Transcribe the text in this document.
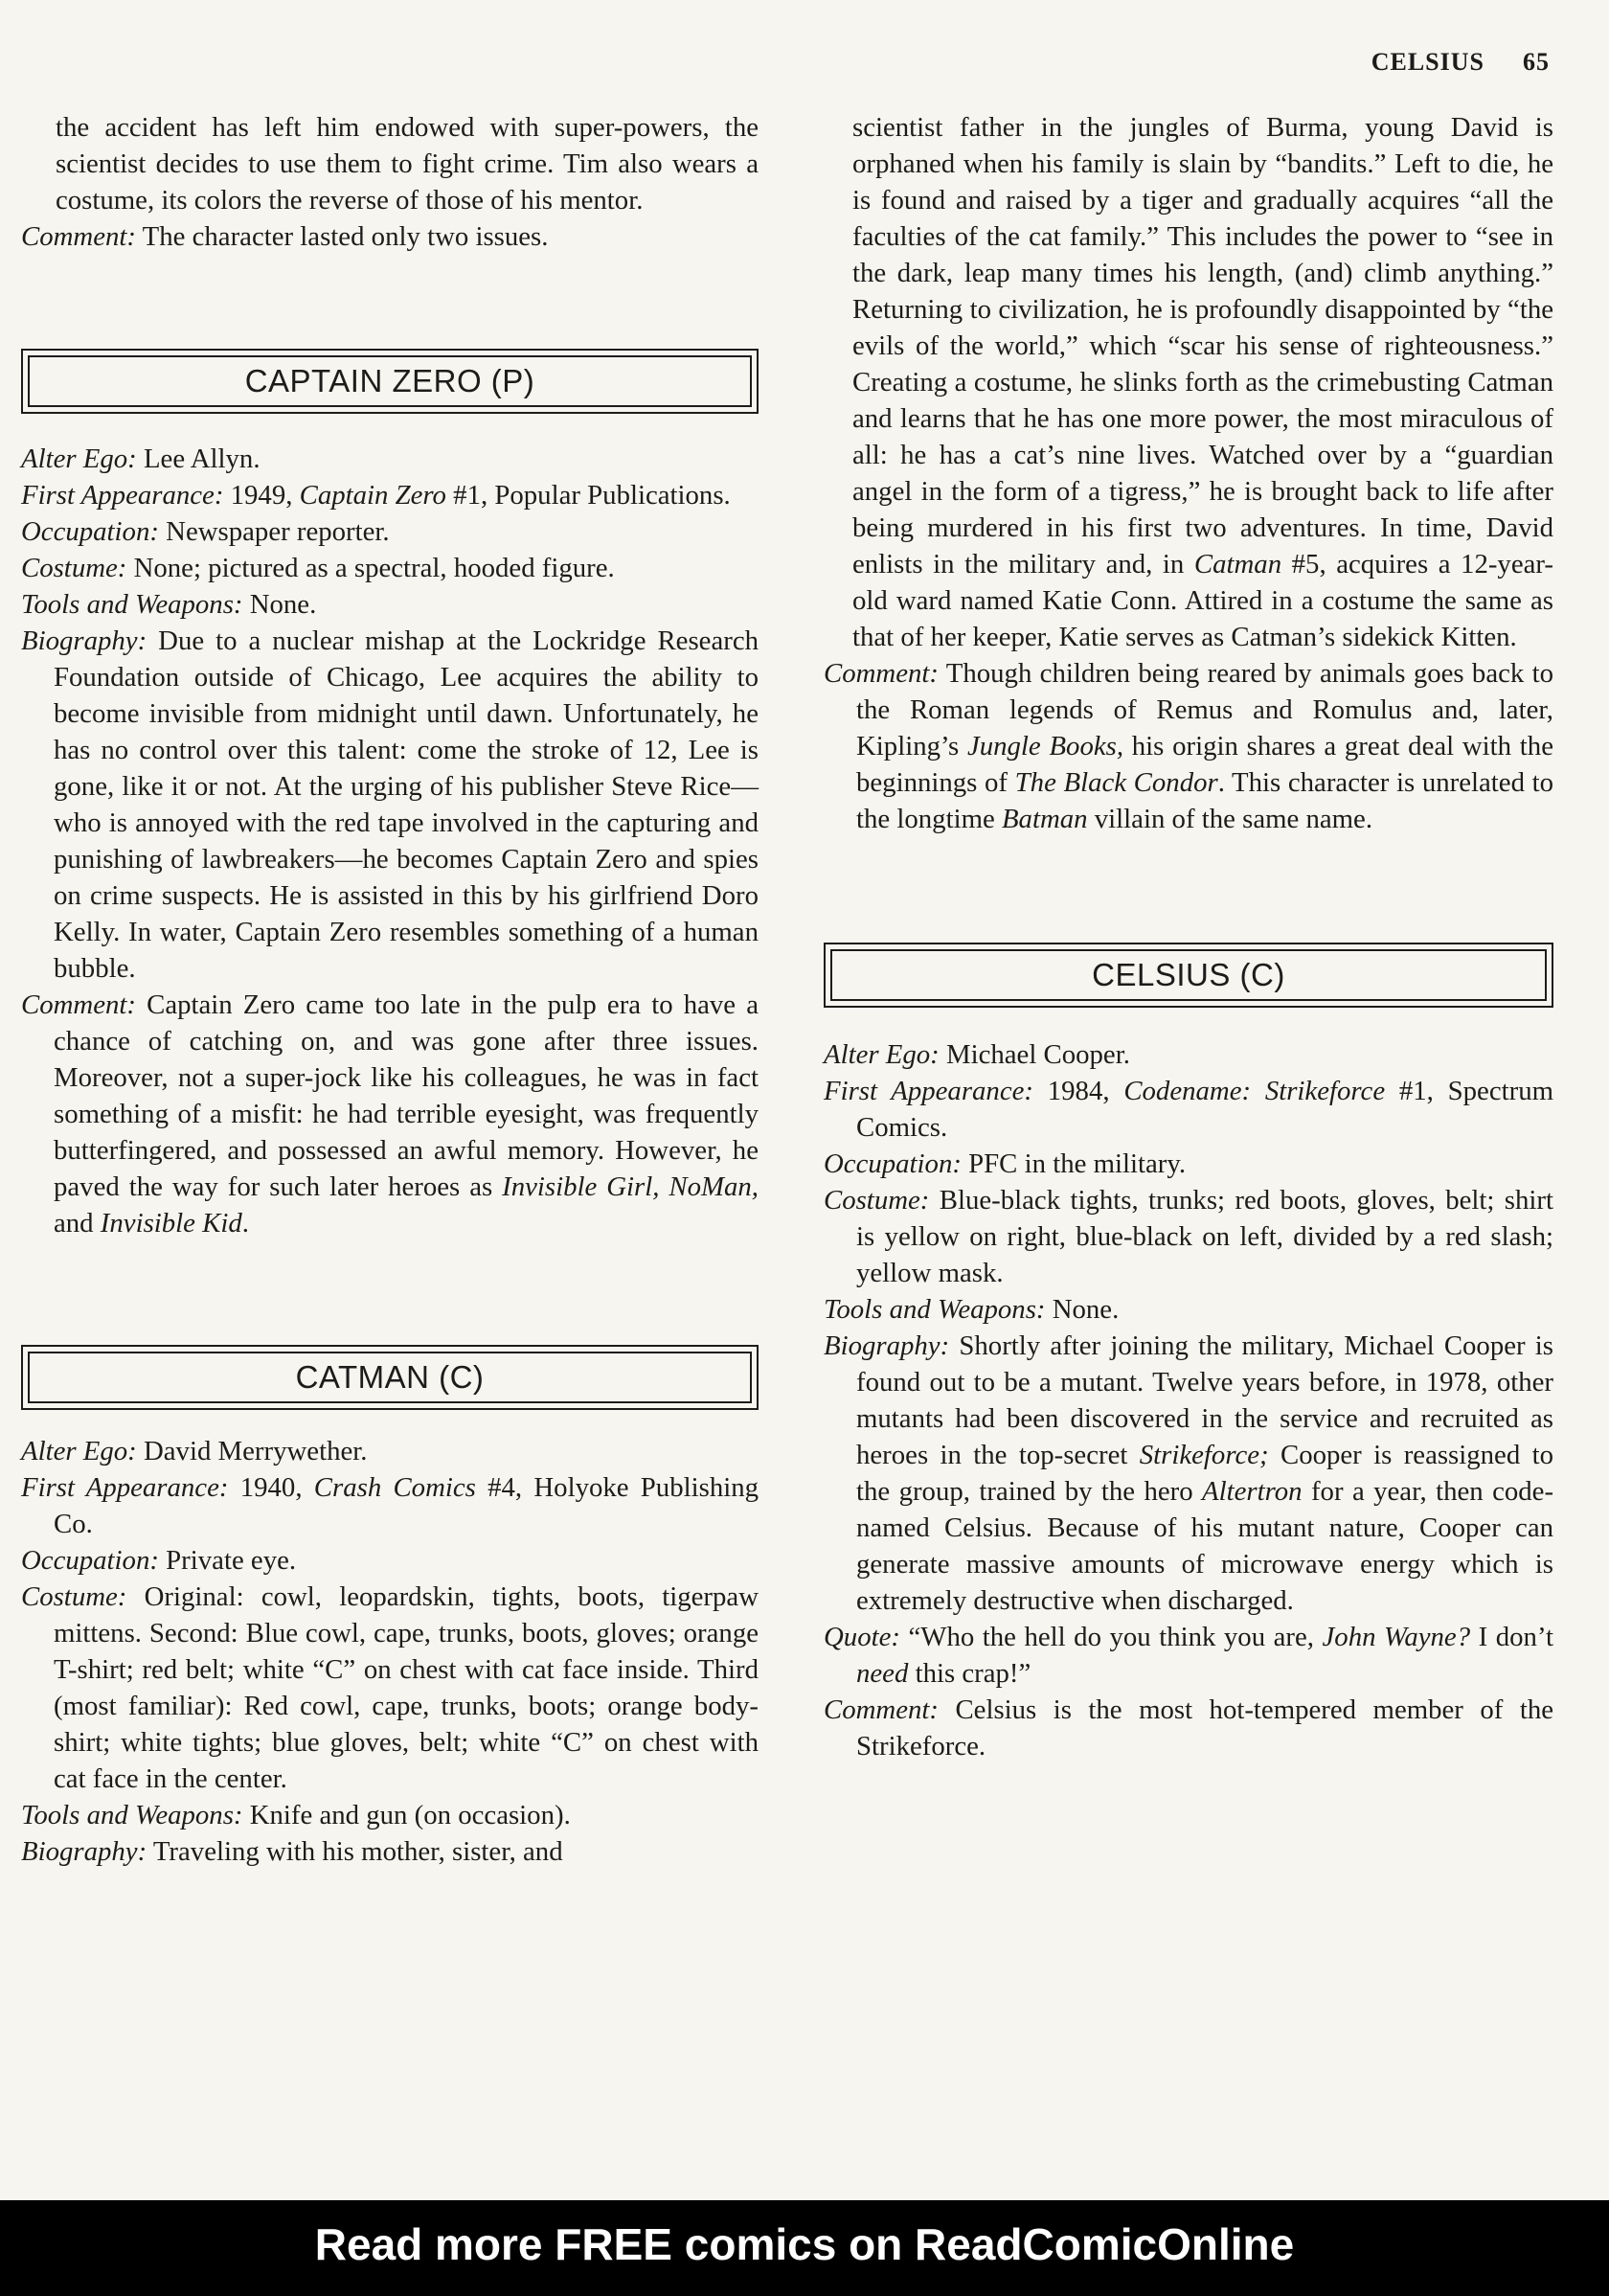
CELSIUS 65

the accident has left him endowed with super-powers, the scientist decides to use them to fight crime. Tim also wears a costume, its colors the reverse of those of his mentor.

Comment: The character lasted only two issues.

CAPTAIN ZERO (P)

Alter Ego: Lee Allyn.

First Appearance: 1949, Captain Zero #1, Popular Publications.

Occupation: Newspaper reporter.

Costume: None; pictured as a spectral, hooded figure.

Tools and Weapons: None.

Biography: Due to a nuclear mishap at the Lockridge Research Foundation outside of Chicago, Lee acquires the ability to become invisible from midnight until dawn. Unfortunately, he has no control over this talent: come the stroke of 12, Lee is gone, like it or not. At the urging of his publisher Steve Rice—who is annoyed with the red tape involved in the capturing and punishing of lawbreakers—he becomes Captain Zero and spies on crime suspects. He is assisted in this by his girlfriend Doro Kelly. In water, Captain Zero resembles something of a human bubble.

Comment: Captain Zero came too late in the pulp era to have a chance of catching on, and was gone after three issues. Moreover, not a super-jock like his colleagues, he was in fact something of a misfit: he had terrible eyesight, was frequently butterfingered, and possessed an awful memory. However, he paved the way for such later heroes as Invisible Girl, NoMan, and Invisible Kid.

CATMAN (C)

Alter Ego: David Merrywether.

First Appearance: 1940, Crash Comics #4, Holyoke Publishing Co.

Occupation: Private eye.

Costume: Original: cowl, leopardskin, tights, boots, tigerpaw mittens. Second: Blue cowl, cape, trunks, boots, gloves; orange T-shirt; red belt; white “C” on chest with cat face inside. Third (most familiar): Red cowl, cape, trunks, boots; orange bodyshirt; white tights; blue gloves, belt; white “C” on chest with cat face in the center.

Tools and Weapons: Knife and gun (on occasion).

Biography: Traveling with his mother, sister, and

scientist father in the jungles of Burma, young David is orphaned when his family is slain by “bandits.” Left to die, he is found and raised by a tiger and gradually acquires “all the faculties of the cat family.” This includes the power to “see in the dark, leap many times his length, (and) climb anything.” Returning to civilization, he is profoundly disappointed by “the evils of the world,” which “scar his sense of righteousness.” Creating a costume, he slinks forth as the crimebusting Catman and learns that he has one more power, the most miraculous of all: he has a cat’s nine lives. Watched over by a “guardian angel in the form of a tigress,” he is brought back to life after being murdered in his first two adventures. In time, David enlists in the military and, in Catman #5, acquires a 12-year-old ward named Katie Conn. Attired in a costume the same as that of her keeper, Katie serves as Catman’s sidekick Kitten.

Comment: Though children being reared by animals goes back to the Roman legends of Remus and Romulus and, later, Kipling’s Jungle Books, his origin shares a great deal with the beginnings of The Black Condor. This character is unrelated to the longtime Batman villain of the same name.

CELSIUS (C)

Alter Ego: Michael Cooper.

First Appearance: 1984, Codename: Strikeforce #1, Spectrum Comics.

Occupation: PFC in the military.

Costume: Blue-black tights, trunks; red boots, gloves, belt; shirt is yellow on right, blue-black on left, divided by a red slash; yellow mask.

Tools and Weapons: None.

Biography: Shortly after joining the military, Michael Cooper is found out to be a mutant. Twelve years before, in 1978, other mutants had been discovered in the service and recruited as heroes in the top-secret Strikeforce; Cooper is reassigned to the group, trained by the hero Altertron for a year, then code-named Celsius. Because of his mutant nature, Cooper can generate massive amounts of microwave energy which is extremely destructive when discharged.

Quote: “Who the hell do you think you are, John Wayne? I don’t need this crap!”

Comment: Celsius is the most hot-tempered member of the Strikeforce.

Read more FREE comics on ReadComicOnline
